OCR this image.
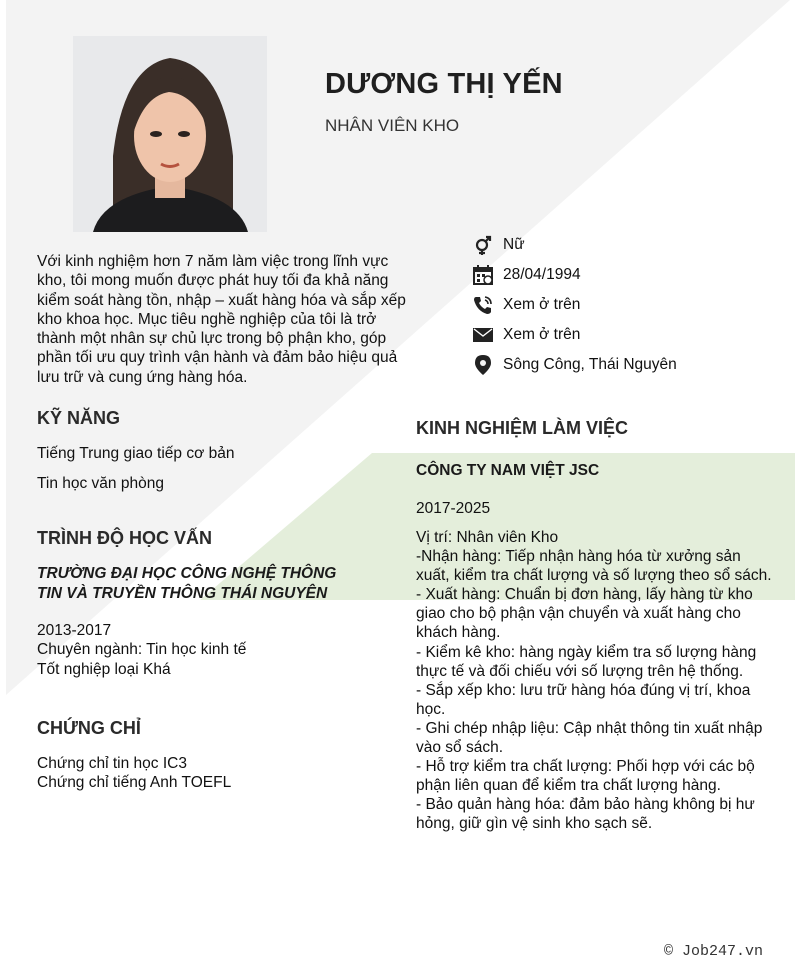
DƯƠNG THỊ YẾN
NHÂN VIÊN KHO
Với kinh nghiệm hơn 7 năm làm việc trong lĩnh vực kho, tôi mong muốn được phát huy tối đa khả năng kiểm soát hàng tồn, nhập – xuất hàng hóa và sắp xếp kho khoa học. Mục tiêu nghề nghiệp của tôi là trở thành một nhân sự chủ lực trong bộ phận kho, góp phần tối ưu quy trình vận hành và đảm bảo hiệu quả lưu trữ và cung ứng hàng hóa.
Nữ
28/04/1994
Xem ở trên
Xem ở trên
Sông Công, Thái Nguyên
KỸ NĂNG
Tiếng Trung giao tiếp cơ bản
Tin học văn phòng
TRÌNH ĐỘ HỌC VẤN
TRƯỜNG ĐẠI HỌC CÔNG NGHỆ THÔNG TIN VÀ TRUYỀN THÔNG THÁI NGUYÊN
2013-2017
Chuyên ngành: Tin học kinh tế
Tốt nghiệp loại Khá
CHỨNG CHỈ
Chứng chỉ tin học IC3
Chứng chỉ tiếng Anh TOEFL
KINH NGHIỆM LÀM VIỆC
CÔNG TY NAM VIỆT JSC
2017-2025
Vị trí: Nhân viên Kho
-Nhận hàng: Tiếp nhận hàng hóa từ xưởng sản xuất, kiểm tra chất lượng và số lượng theo sổ sách.
- Xuất hàng: Chuẩn bị đơn hàng, lấy hàng từ kho giao cho bộ phận vận chuyển và xuất hàng cho khách hàng.
- Kiểm kê kho: hàng ngày kiểm tra số lượng hàng thực tế và đối chiếu với số lượng trên hệ thống.
- Sắp xếp kho: lưu trữ hàng hóa đúng vị trí, khoa học.
- Ghi chép nhập liệu: Cập nhật thông tin xuất nhập vào sổ sách.
- Hỗ trợ kiểm tra chất lượng: Phối hợp với các bộ phận liên quan để kiểm tra chất lượng hàng.
- Bảo quản hàng hóa: đảm bảo hàng không bị hư hỏng, giữ gìn vệ sinh kho sạch sẽ.
© Job247.vn
